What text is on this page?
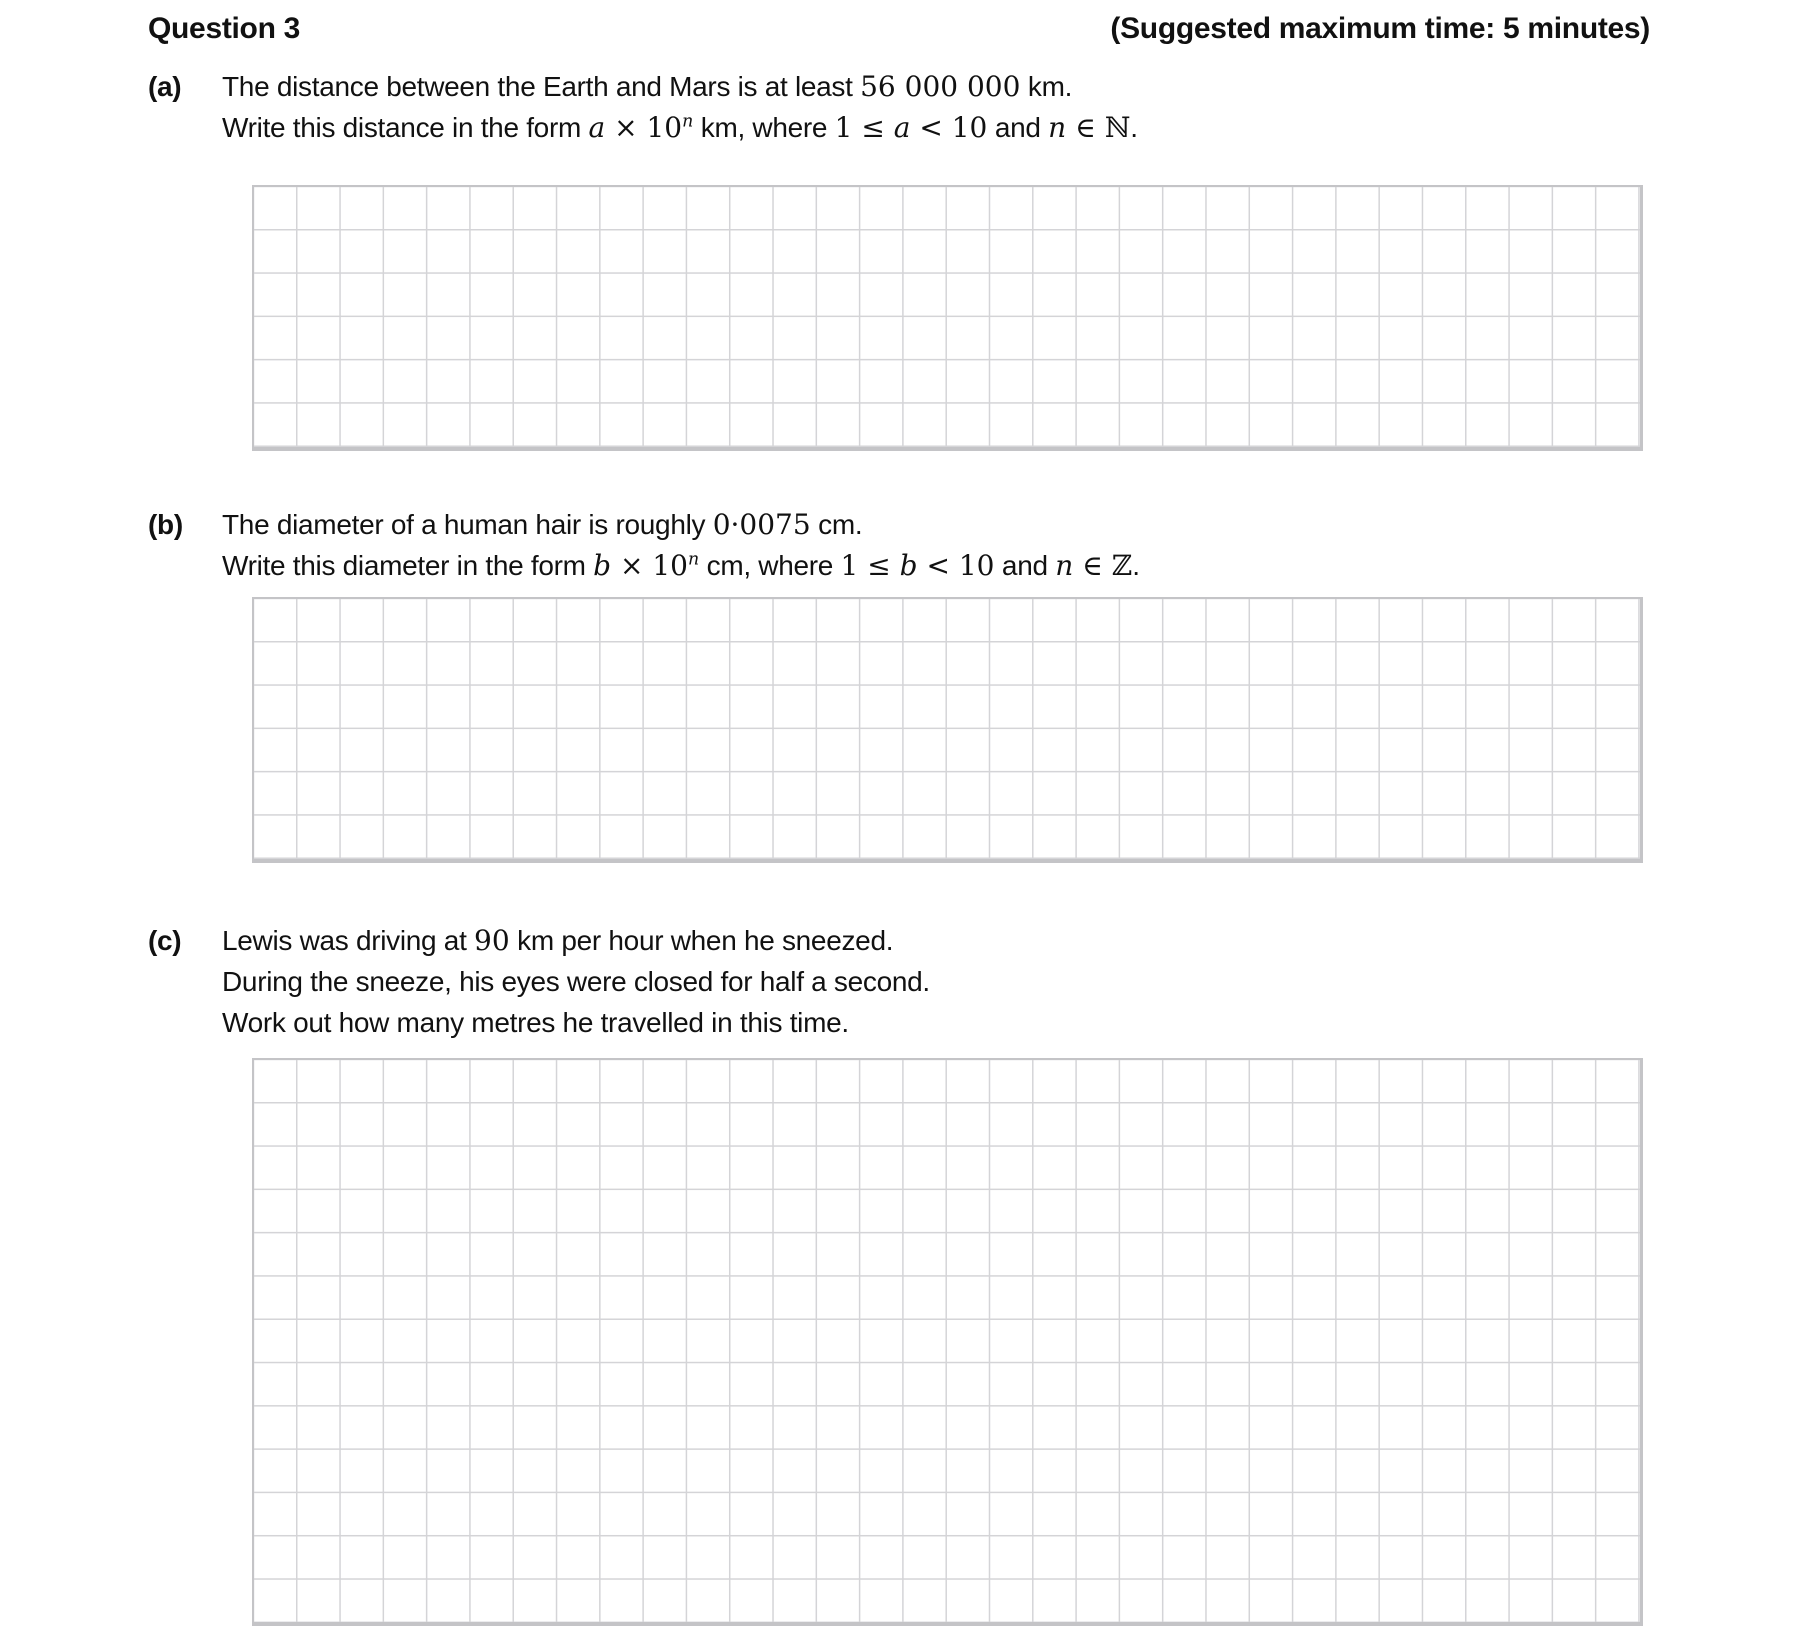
Question 3	(Suggested maximum time: 5 minutes)
(a)	The distance between the Earth and Mars is at least 56 000 000 km.
Write this distance in the form $a \times 10^n$ km, where 1 ≤ a < 10 and n ∈ ℕ.
(b)	The diameter of a human hair is roughly 0·0075 cm.
Write this diameter in the form $b \times 10^n$ cm, where 1 ≤ b < 10 and n ∈ ℤ.
(c)	Lewis was driving at 90 km per hour when he sneezed.
During the sneeze, his eyes were closed for half a second.
Work out how many metres he travelled in this time.
